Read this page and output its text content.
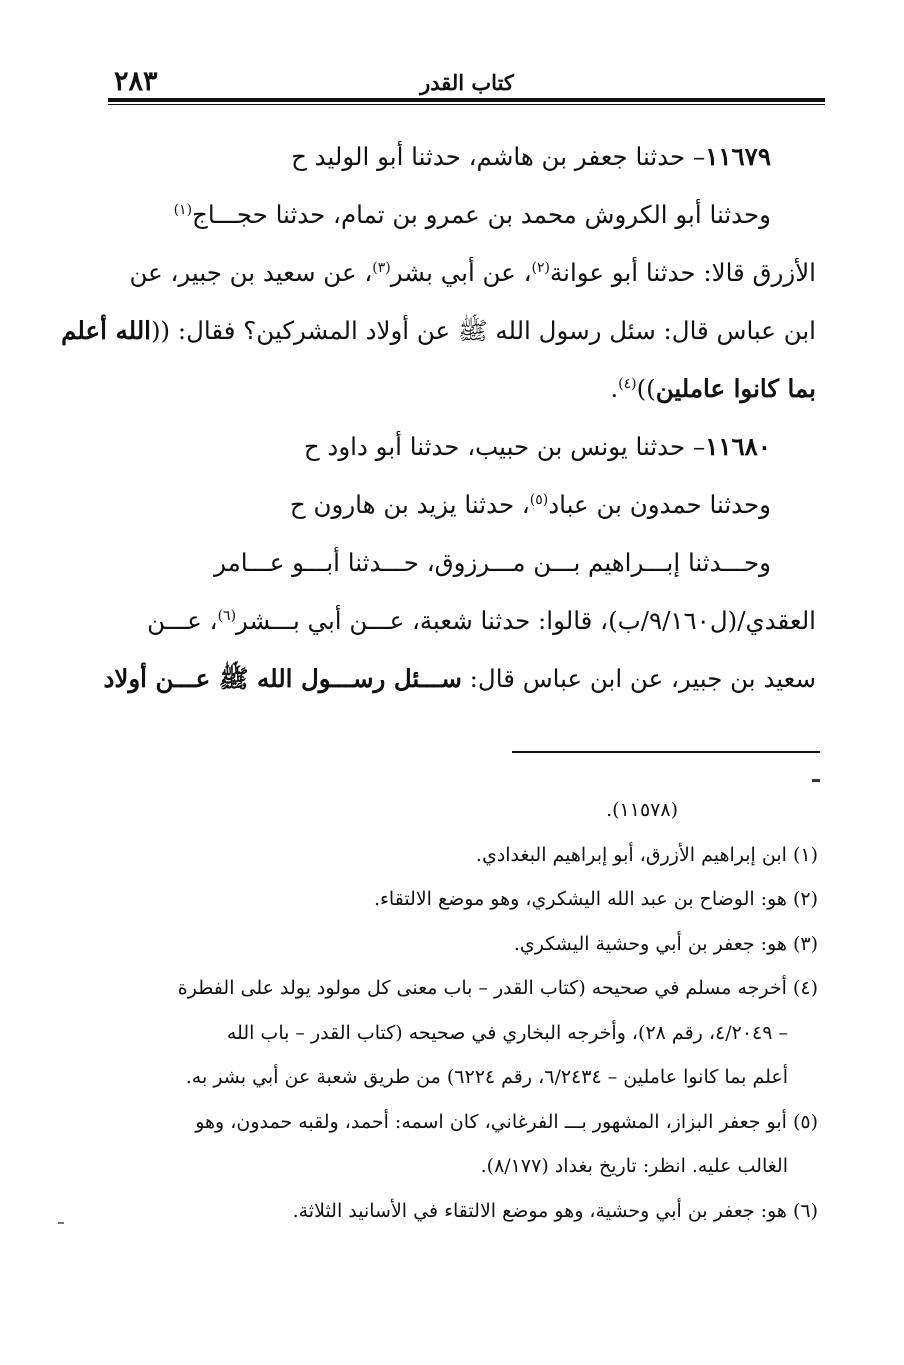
٢٨٣	كتاب القدر
١١٦٧٩– حدثنا جعفر بن هاشم، حدثنا أبو الوليد ح
وحدثنا أبو الكروش محمد بن عمرو بن تمام، حدثنا حجـــاج$^{(١)}$
الأزرق قالا: حدثنا أبو عوانة$^{(٢)}$، عن أبي بشر$^{(٣)}$، عن سعيد بن جبير، عن
ابن عباس قال: سئل رسول الله ﷺ عن أولاد المشركين؟ فقال: ((الله أعلم
بما كانوا عاملين))$^{(٤)}$.
١١٦٨٠– حدثنا يونس بن حبيب، حدثنا أبو داود ح
وحدثنا حمدون بن عباد$^{(٥)}$، حدثنا يزيد بن هارون ح
وحـــدثنا إبـــراهيم بـــن مـــرزوق، حـــدثنا أبـــو عـــامر
العقدي/(ل٩/١٦٠/ب)، قالوا: حدثنا شعبة، عـــن أبي بـــشر$^{(٦)}$، عـــن
سعيد بن جبير، عن ابن عباس قال: ســـئل رســـول الله ﷺ عـــن أولاد
(١١٥٧٨).
(١) ابن إبراهيم الأزرق، أبو إبراهيم البغدادي.
(٢) هو: الوضاح بن عبد الله اليشكري، وهو موضع الالتقاء.
(٣) هو: جعفر بن أبي وحشية اليشكري.
(٤) أخرجه مسلم في صحيحه (كتاب القدر – باب معنى كل مولود يولد على الفطرة
– ٤/٢٠٤٩، رقم ٢٨)، وأخرجه البخاري في صحيحه (كتاب القدر – باب الله
أعلم بما كانوا عاملين – ٦/٢٤٣٤، رقم ٦٢٢٤) من طريق شعبة عن أبي بشر به.
(٥) أبو جعفر البزاز، المشهور بـــ الفرغاني، كان اسمه: أحمد، ولقبه حمدون، وهو
الغالب عليه. انظر: تاريخ بغداد (٨/١٧٧).
(٦) هو: جعفر بن أبي وحشية، وهو موضع الالتقاء في الأسانيد الثلاثة.
